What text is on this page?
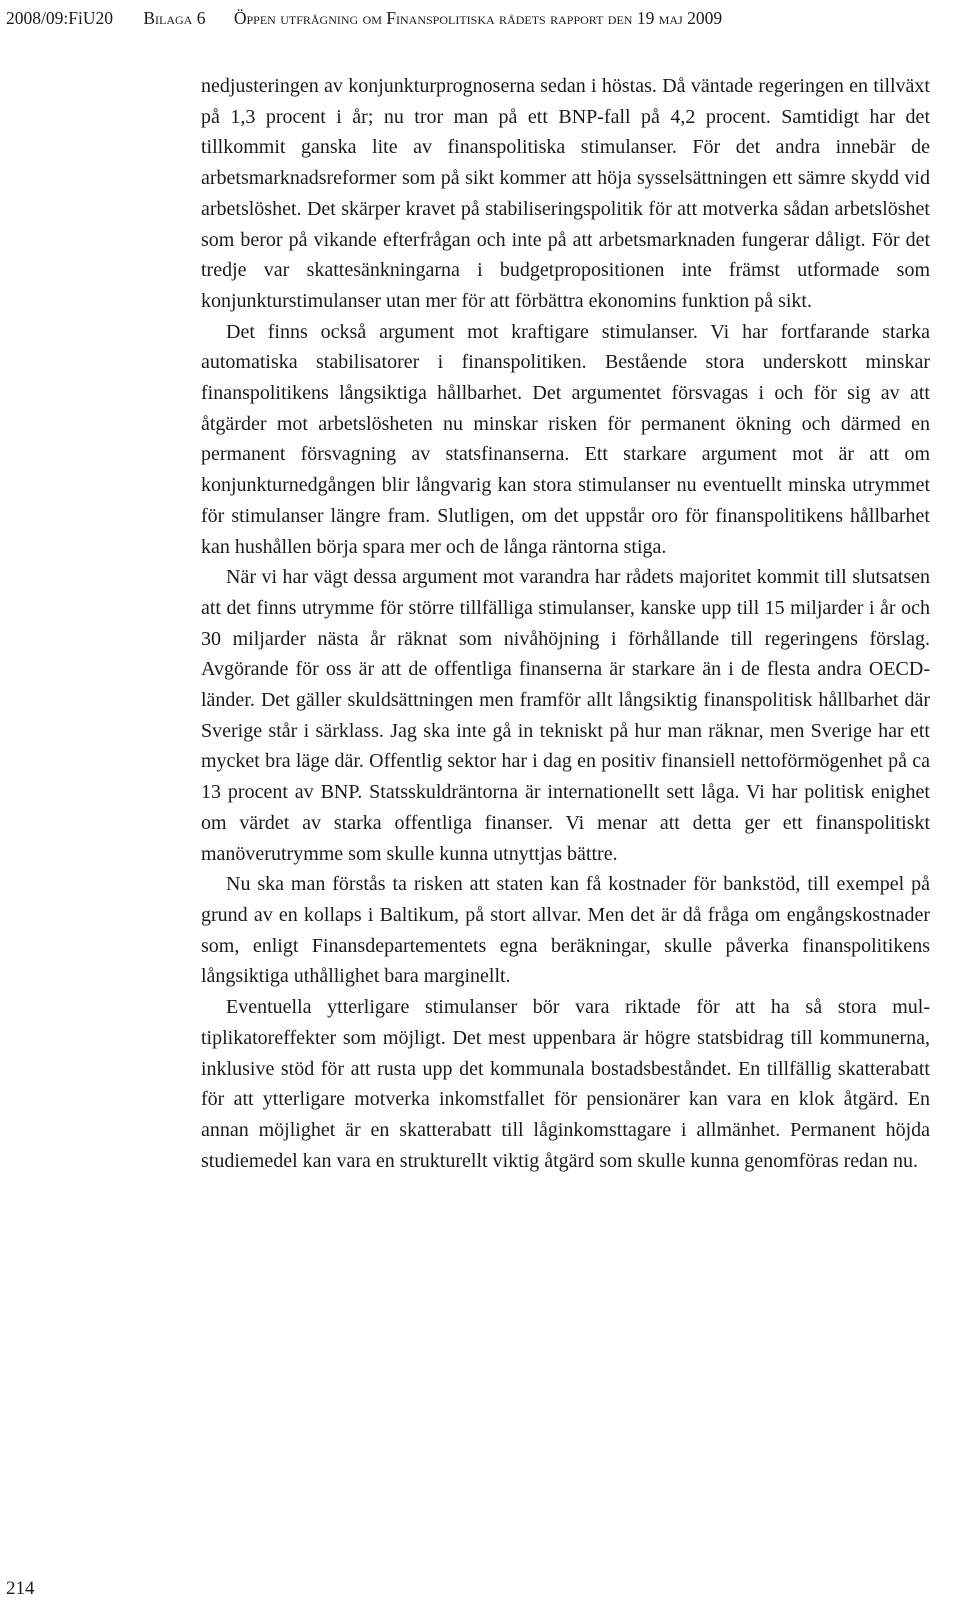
2008/09:FiU20 Bilaga 6 Öppen utfrågning om Finanspolitiska rådets rapport den 19 maj 2009

nedjusteringen av konjunkturprognoserna sedan i höstas. Då väntade regeringen en tillväxt på 1,3 procent i år; nu tror man på ett BNP-fall på 4,2 procent. Samtidigt har det tillkommit ganska lite av finanspolitiska stimulanser. För det andra innebär de arbetsmarknadsreformer som på sikt kommer att höja sysselsättningen ett sämre skydd vid arbetslöshet. Det skärper kravet på stabiliseringspolitik för att motverka sådan arbetslöshet som beror på vikande efterfrågan och inte på att arbetsmarknaden fungerar dåligt. För det tredje var skattesänkningarna i budgetpropositionen inte främst utformade som konjunkturstimulanser utan mer för att förbättra ekonomins funktion på sikt.

Det finns också argument mot kraftigare stimulanser. Vi har fortfarande starka automatiska stabilisatorer i finanspolitiken. Bestående stora underskott minskar finanspolitikens långsiktiga hållbarhet. Det argumentet försvagas i och för sig av att åtgärder mot arbetslösheten nu minskar risken för permanent ökning och därmed en permanent försvagning av statsfinanserna. Ett starkare argument mot är att om konjunkturnedgången blir långvarig kan stora stimulanser nu eventuellt minska utrymmet för stimulanser längre fram. Slutligen, om det uppstår oro för finanspolitikens hållbarhet kan hushållen börja spara mer och de långa räntorna stiga.

När vi har vägt dessa argument mot varandra har rådets majoritet kommit till slutsatsen att det finns utrymme för större tillfälliga stimulanser, kanske upp till 15 miljarder i år och 30 miljarder nästa år räknat som nivåhöjning i förhållande till regeringens förslag. Avgörande för oss är att de offentliga finanserna är starkare än i de flesta andra OECD-länder. Det gäller skuldsättningen men framför allt långsiktig finanspolitisk hållbarhet där Sverige står i särklass. Jag ska inte gå in tekniskt på hur man räknar, men Sverige har ett mycket bra läge där. Offentlig sektor har i dag en positiv finansiell nettoförmögenhet på ca 13 procent av BNP. Statsskuldräntorna är internationellt sett låga. Vi har politisk enighet om värdet av starka offentliga finanser. Vi menar att detta ger ett finanspolitiskt manöverutrymme som skulle kunna utnyttjas bättre.

Nu ska man förstås ta risken att staten kan få kostnader för bankstöd, till exempel på grund av en kollaps i Baltikum, på stort allvar. Men det är då fråga om engångskostnader som, enligt Finansdepartementets egna beräkningar, skulle påverka finanspolitikens långsiktiga uthållighet bara marginellt.

Eventuella ytterligare stimulanser bör vara riktade för att ha så stora multiplikatoreffekter som möjligt. Det mest uppenbara är högre statsbidrag till kommunerna, inklusive stöd för att rusta upp det kommunala bostadsbeståndet. En tillfällig skatterabatt för att ytterligare motverka inkomstfallet för pensionärer kan vara en klok åtgärd. En annan möjlighet är en skatterabatt till låginkomsttagare i allmänhet. Permanent höjda studiemedel kan vara en strukturellt viktig åtgärd som skulle kunna genomföras redan nu.

214
